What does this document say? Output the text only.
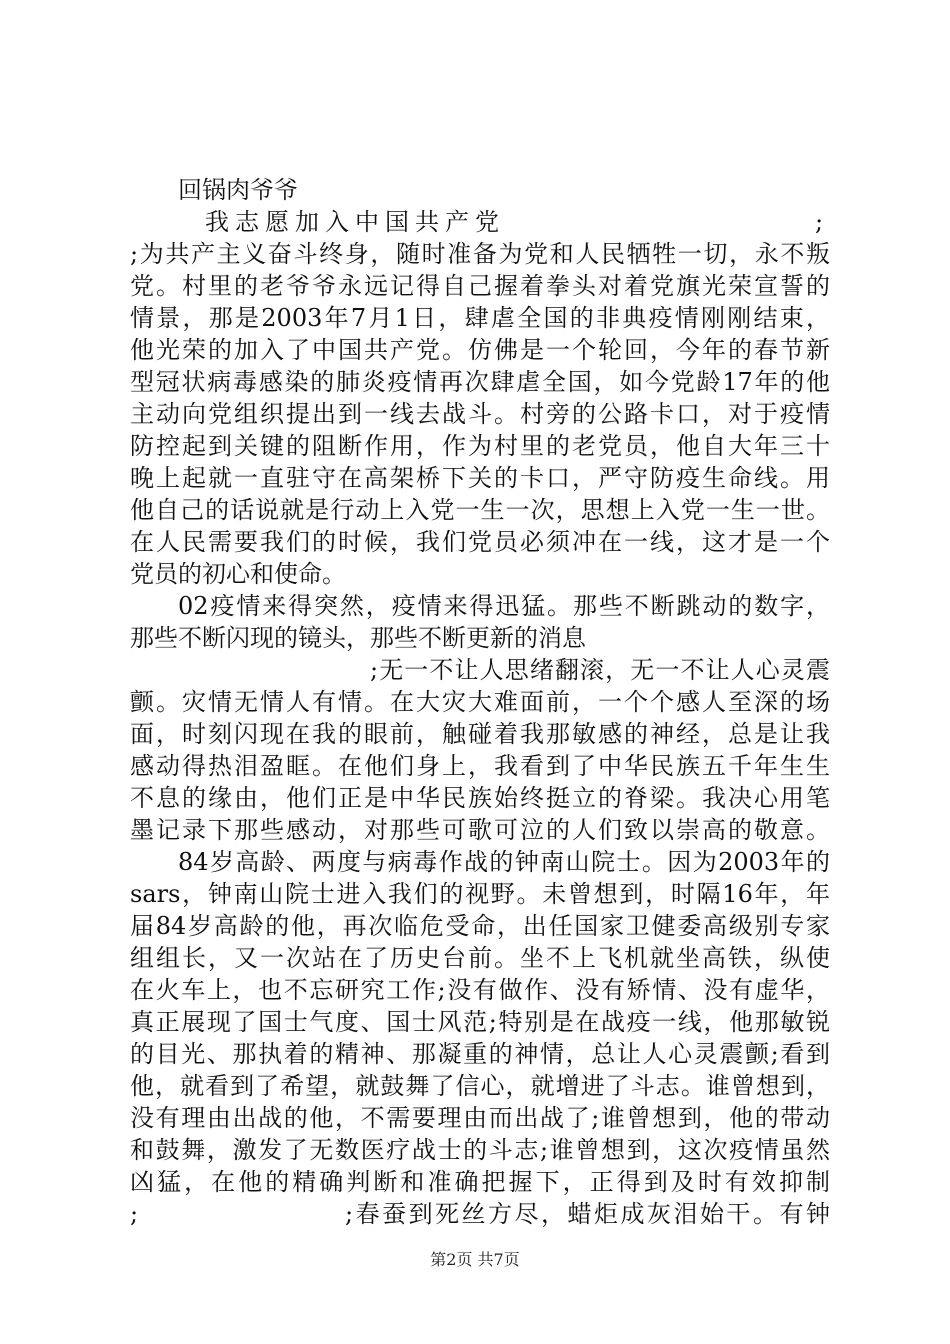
回锅肉爷爷
我志愿加入中国共产党	;
;为共产主义奋斗终身，随时准备为党和人民牺牲一切，永不叛
党。村里的老爷爷永远记得自己握着拳头对着党旗光荣宣誓的
情景，那是2003年7月1日，肆虐全国的非典疫情刚刚结束，
他光荣的加入了中国共产党。仿佛是一个轮回，今年的春节新
型冠状病毒感染的肺炎疫情再次肆虐全国，如今党龄17年的他
主动向党组织提出到一线去战斗。村旁的公路卡口，对于疫情
防控起到关键的阻断作用，作为村里的老党员，他自大年三十
晚上起就一直驻守在高架桥下关的卡口，严守防疫生命线。用
他自己的话说就是行动上入党一生一次，思想上入党一生一世。
在人民需要我们的时候，我们党员必须冲在一线，这才是一个
党员的初心和使命。
02疫情来得突然，疫情来得迅猛。那些不断跳动的数字，
那些不断闪现的镜头，那些不断更新的消息
;无一不让人思绪翻滚，无一不让人心灵震
颤。灾情无情人有情。在大灾大难面前，一个个感人至深的场
面，时刻闪现在我的眼前，触碰着我那敏感的神经，总是让我
感动得热泪盈眶。在他们身上，我看到了中华民族五千年生生
不息的缘由，他们正是中华民族始终挺立的脊梁。我决心用笔
墨记录下那些感动，对那些可歌可泣的人们致以崇高的敬意。
84岁高龄、两度与病毒作战的钟南山院士。因为2003年的
sars，钟南山院士进入我们的视野。未曾想到，时隔16年，年
届84岁高龄的他，再次临危受命，出任国家卫健委高级别专家
组组长，又一次站在了历史台前。坐不上飞机就坐高铁，纵使
在火车上，也不忘研究工作;没有做作、没有矫情、没有虚华，
真正展现了国士气度、国士风范;特别是在战疫一线，他那敏锐
的目光、那执着的精神、那凝重的神情，总让人心灵震颤;看到
他，就看到了希望，就鼓舞了信心，就增进了斗志。谁曾想到，
没有理由出战的他，不需要理由而出战了;谁曾想到，他的带动
和鼓舞，激发了无数医疗战士的斗志;谁曾想到，这次疫情虽然
凶猛，在他的精确判断和准确把握下，正得到及时有效抑制
;	;春蚕到死丝方尽，蜡炬成灰泪始干。有钟
第2页 共7页
